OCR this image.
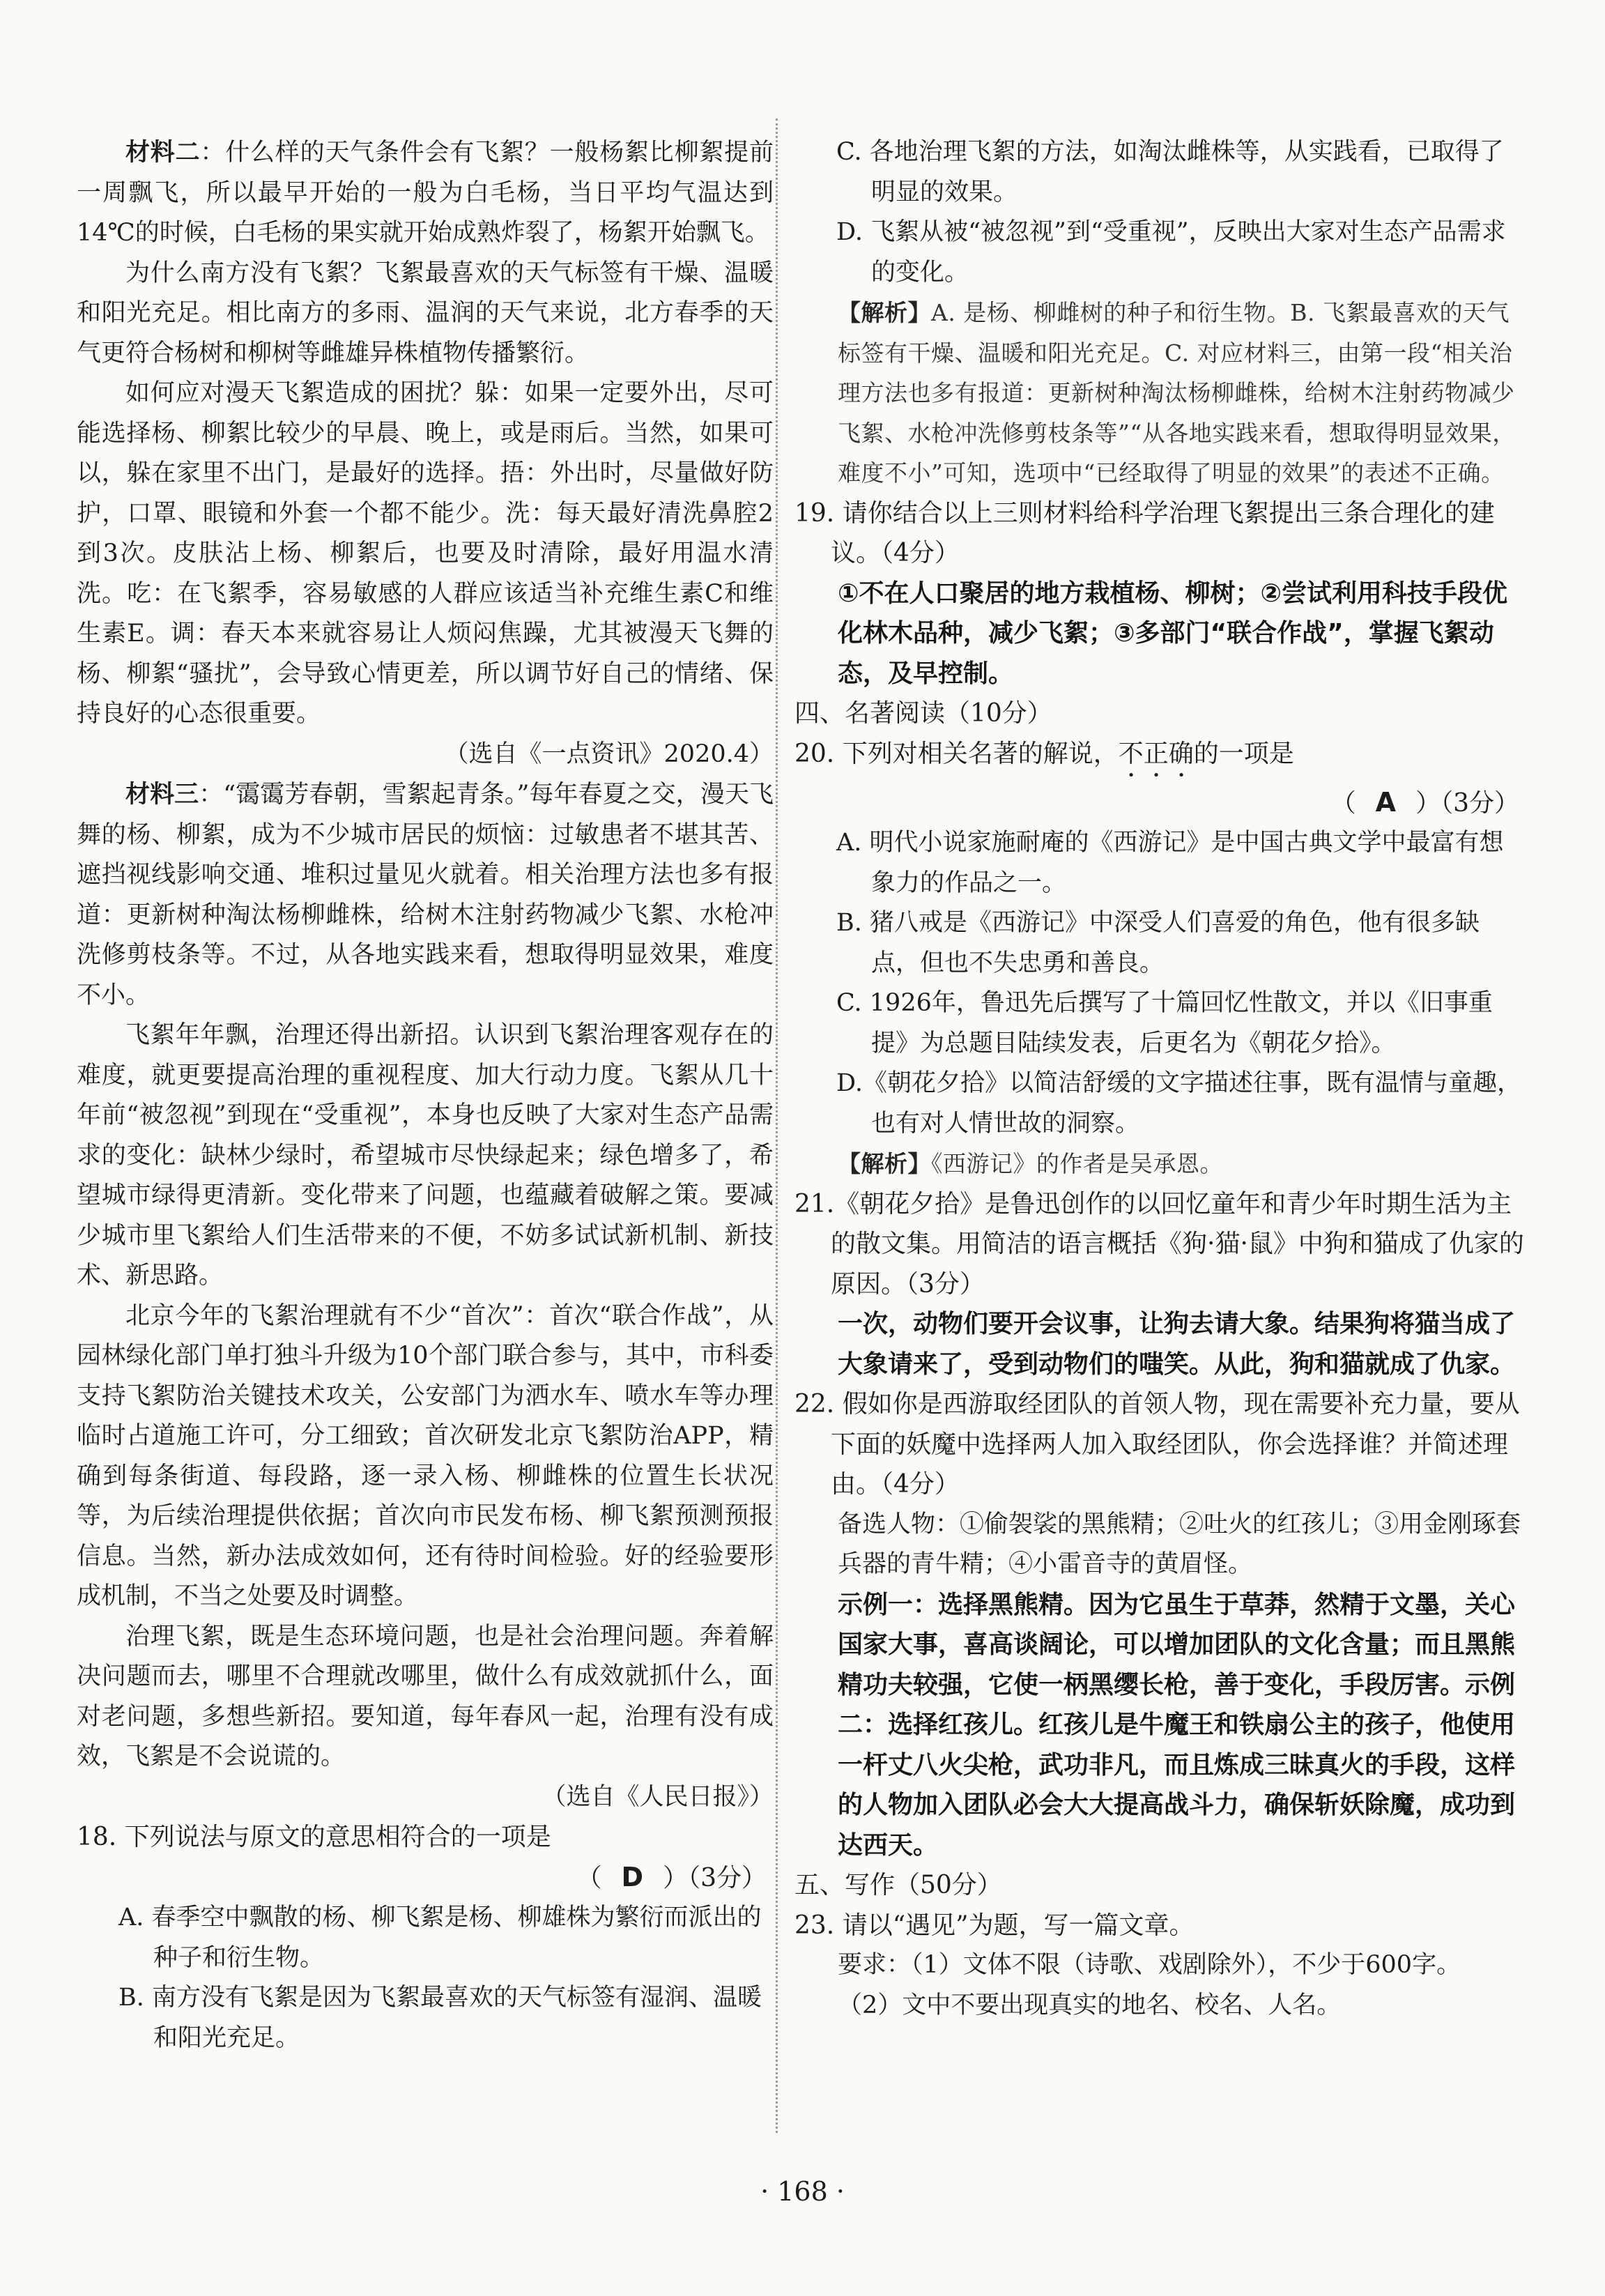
材料二：什么样的天气条件会有飞絮？一般杨絮比柳絮提前一周飘飞，所以最早开始的一般为白毛杨，当日平均气温达到14℃的时候，白毛杨的果实就开始成熟炸裂了，杨絮开始飘飞。

为什么南方没有飞絮？飞絮最喜欢的天气标签有干燥、温暖和阳光充足。相比南方的多雨、温润的天气来说，北方春季的天气更符合杨树和柳树等雌雄异株植物传播繁衍。

如何应对漫天飞絮造成的困扰？躲：如果一定要外出，尽可能选择杨、柳絮比较少的早晨、晚上，或是雨后。当然，如果可以，躲在家里不出门，是最好的选择。捂：外出时，尽量做好防护，口罩、眼镜和外套一个都不能少。洗：每天最好清洗鼻腔2到3次。皮肤沾上杨、柳絮后，也要及时清除，最好用温水清洗。吃：在飞絮季，容易敏感的人群应该适当补充维生素C和维生素E。调：春天本来就容易让人烦闷焦躁，尤其被漫天飞舞的杨、柳絮“骚扰”，会导致心情更差，所以调节好自己的情绪、保持良好的心态很重要。

（选自《一点资讯》2020.4）

材料三：“霭霭芳春朝，雪絮起青条。”每年春夏之交，漫天飞舞的杨、柳絮，成为不少城市居民的烦恼：过敏患者不堪其苦、遮挡视线影响交通、堆积过量见火就着。相关治理方法也多有报道：更新树种淘汰杨柳雌株，给树木注射药物减少飞絮、水枪冲洗修剪枝条等。不过，从各地实践来看，想取得明显效果，难度不小。

飞絮年年飘，治理还得出新招。认识到飞絮治理客观存在的难度，就更要提高治理的重视程度、加大行动力度。飞絮从几十年前“被忽视”到现在“受重视”，本身也反映了大家对生态产品需求的变化：缺林少绿时，希望城市尽快绿起来；绿色增多了，希望城市绿得更清新。变化带来了问题，也蕴藏着破解之策。要减少城市里飞絮给人们生活带来的不便，不妨多试试新机制、新技术、新思路。

北京今年的飞絮治理就有不少“首次”：首次“联合作战”，从园林绿化部门单打独斗升级为10个部门联合参与，其中，市科委支持飞絮防治关键技术攻关，公安部门为洒水车、喷水车等办理临时占道施工许可，分工细致；首次研发北京飞絮防治APP，精确到每条街道、每段路，逐一录入杨、柳雌株的位置生长状况等，为后续治理提供依据；首次向市民发布杨、柳飞絮预测预报信息。当然，新办法成效如何，还有待时间检验。好的经验要形成机制，不当之处要及时调整。

治理飞絮，既是生态环境问题，也是社会治理问题。奔着解决问题而去，哪里不合理就改哪里，做什么有成效就抓什么，面对老问题，多想些新招。要知道，每年春风一起，治理有没有成效，飞絮是不会说谎的。

（选自《人民日报》）

18. 下列说法与原文的意思相符合的一项是

（ D ）（3分）

A. 春季空中飘散的杨、柳飞絮是杨、柳雄株为繁衍而派出的种子和衍生物。

B. 南方没有飞絮是因为飞絮最喜欢的天气标签有湿润、温暖和阳光充足。

C. 各地治理飞絮的方法，如淘汰雌株等，从实践看，已取得了明显的效果。

D. 飞絮从被“被忽视”到“受重视”，反映出大家对生态产品需求的变化。

【解析】A. 是杨、柳雌树的种子和衍生物。B. 飞絮最喜欢的天气标签有干燥、温暖和阳光充足。C. 对应材料三，由第一段“相关治理方法也多有报道：更新树种淘汰杨柳雌株，给树木注射药物减少飞絮、水枪冲洗修剪枝条等”“从各地实践来看，想取得明显效果，难度不小”可知，选项中“已经取得了明显的效果”的表述不正确。

19. 请你结合以上三则材料给科学治理飞絮提出三条合理化的建议。（4分）

①不在人口聚居的地方栽植杨、柳树；②尝试利用科技手段优化林木品种，减少飞絮；③多部门“联合作战”，掌握飞絮动态，及早控制。

四、名著阅读（10分）

20. 下列对相关名著的解说，不正确的一项是

（ A ）（3分）

A. 明代小说家施耐庵的《西游记》是中国古典文学中最富有想象力的作品之一。

B. 猪八戒是《西游记》中深受人们喜爱的角色，他有很多缺点，但也不失忠勇和善良。

C. 1926年，鲁迅先后撰写了十篇回忆性散文，并以《旧事重提》为总题目陆续发表，后更名为《朝花夕拾》。

D.《朝花夕拾》以简洁舒缓的文字描述往事，既有温情与童趣，也有对人情世故的洞察。

【解析】《西游记》的作者是吴承恩。

21.《朝花夕拾》是鲁迅创作的以回忆童年和青少年时期生活为主的散文集。用简洁的语言概括《狗·猫·鼠》中狗和猫成了仇家的原因。（3分）

一次，动物们要开会议事，让狗去请大象。结果狗将猫当成了大象请来了，受到动物们的嗤笑。从此，狗和猫就成了仇家。

22. 假如你是西游取经团队的首领人物，现在需要补充力量，要从下面的妖魔中选择两人加入取经团队，你会选择谁？并简述理由。（4分）

备选人物：①偷袈裟的黑熊精；②吐火的红孩儿；③用金刚琢套兵器的青牛精；④小雷音寺的黄眉怪。

示例一：选择黑熊精。因为它虽生于草莽，然精于文墨，关心国家大事，喜高谈阔论，可以增加团队的文化含量；而且黑熊精功夫较强，它使一柄黑缨长枪，善于变化，手段厉害。示例二：选择红孩儿。红孩儿是牛魔王和铁扇公主的孩子，他使用一杆丈八火尖枪，武功非凡，而且炼成三昧真火的手段，这样的人物加入团队必会大大提高战斗力，确保斩妖除魔，成功到达西天。

五、写作（50分）

23. 请以“遇见”为题，写一篇文章。

要求：（1）文体不限（诗歌、戏剧除外），不少于600字。

（2）文中不要出现真实的地名、校名、人名。

· 168 ·
